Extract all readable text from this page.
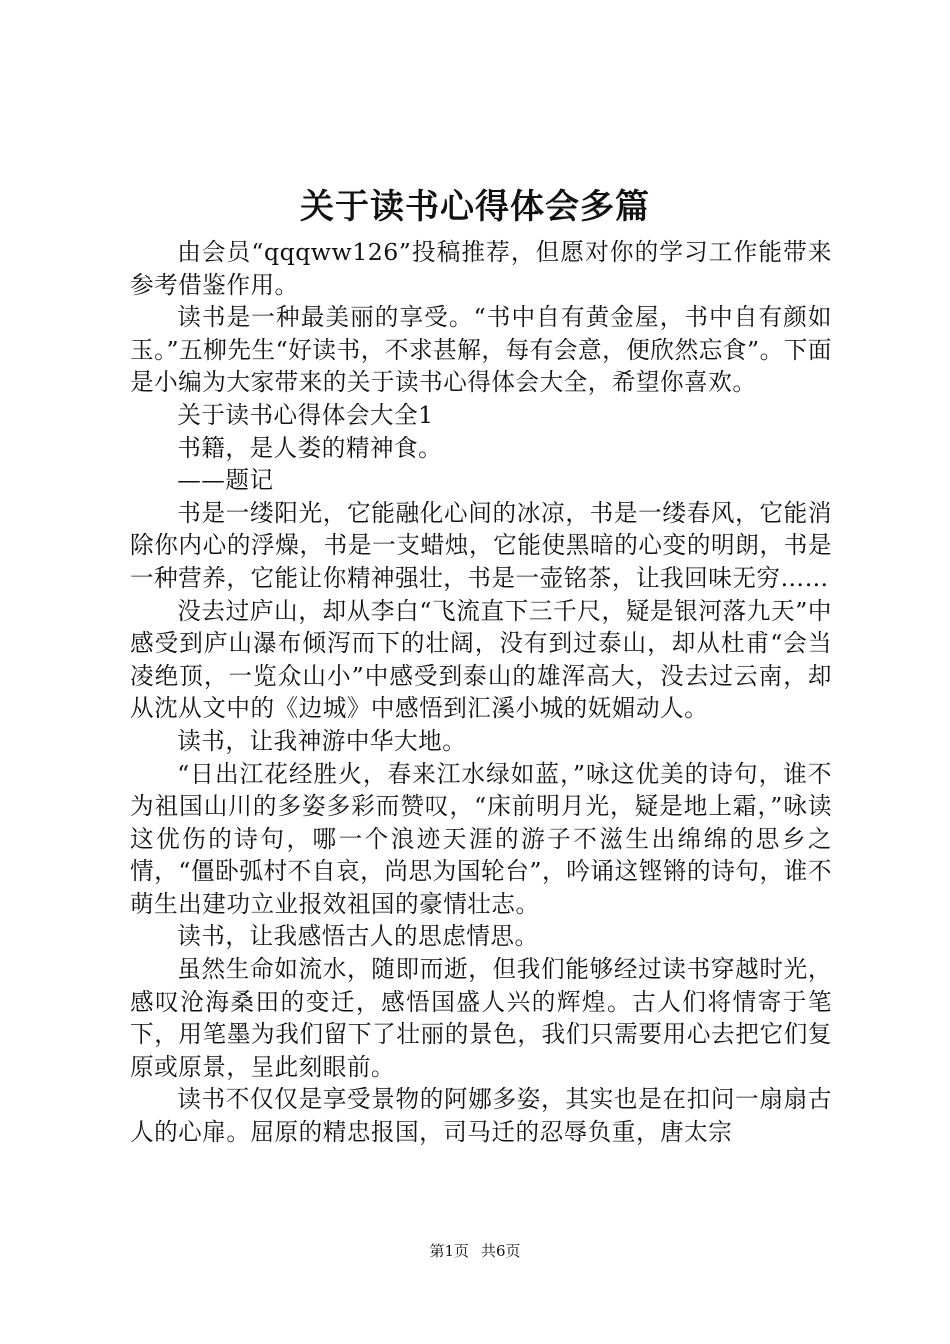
关于读书心得体会多篇

由会员“qqqww126”投稿推荐，但愿对你的学习工作能带来参考借鉴作用。

读书是一种最美丽的享受。“书中自有黄金屋，书中自有颜如玉。”五柳先生“好读书，不求甚解，每有会意，便欣然忘食”。下面是小编为大家带来的关于读书心得体会大全，希望你喜欢。

关于读书心得体会大全1

书籍，是人娄的精神食。

——题记

书是一缕阳光，它能融化心间的冰凉，书是一缕春风，它能消除你内心的浮燥，书是一支蜡烛，它能使黑暗的心变的明朗，书是一种营养，它能让你精神强壮，书是一壶铭茶，让我回味无穷……

没去过庐山，却从李白“飞流直下三千尺，疑是银河落九天”中感受到庐山瀑布倾泻而下的壮阔，没有到过泰山，却从杜甫“会当凌绝顶，一览众山小”中感受到泰山的雄浑高大，没去过云南，却从沈从文中的《边城》中感悟到汇溪小城的妩媚动人。

读书，让我神游中华大地。

“日出江花经胜火，春来江水绿如蓝，”咏这优美的诗句，谁不为祖国山川的多姿多彩而赞叹，“床前明月光，疑是地上霜，”咏读这优伤的诗句，哪一个浪迹天涯的游子不滋生出绵绵的思乡之情，“僵卧弧村不自哀，尚思为国轮台”，吟诵这铿锵的诗句，谁不萌生出建功立业报效祖国的豪情壮志。

读书，让我感悟古人的思虑情思。

虽然生命如流水，随即而逝，但我们能够经过读书穿越时光，感叹沧海桑田的变迁，感悟国盛人兴的辉煌。古人们将情寄于笔下，用笔墨为我们留下了壮丽的景色，我们只需要用心去把它们复原或原景，呈此刻眼前。

读书不仅仅是享受景物的阿娜多姿，其实也是在扣问一扇扇古人的心扉。屈原的精忠报国，司马迁的忍辱负重，唐太宗

第1页 共6页
